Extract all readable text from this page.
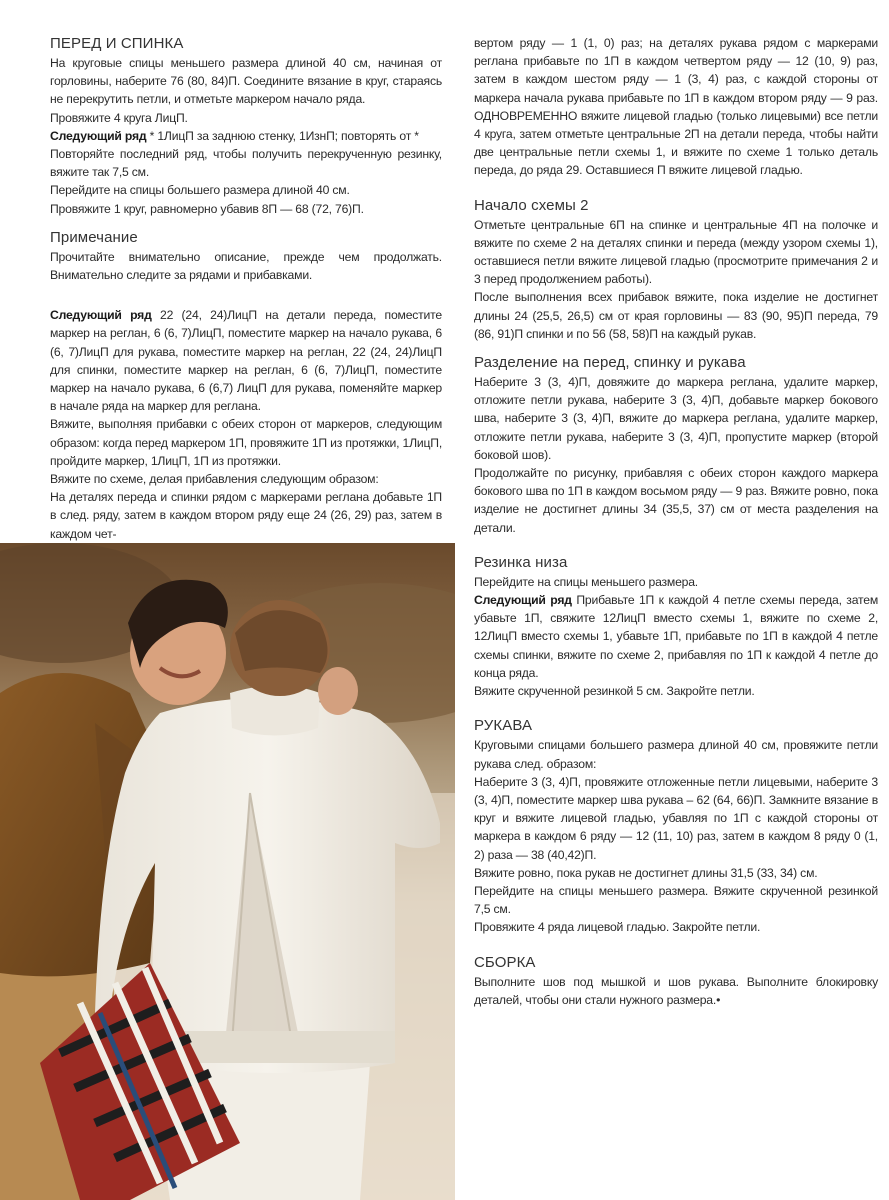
ПЕРЕД И СПИНКА

На круговые спицы меньшего размера длиной 40 см, начиная от горловины, наберите 76 (80, 84)П. Соедините вязание в круг, стараясь не перекрутить петли, и отметьте маркером начало ряда.

Провяжите 4 круга ЛицП.

Следующий ряд * 1ЛицП за заднюю стенку, 1ИзнП; повторять от *

Повторяйте последний ряд, чтобы получить перекрученную резинку, вяжите так 7,5 см.

Перейдите на спицы большего размера длиной 40 см.

Провяжите 1 круг, равномерно убавив 8П — 68 (72, 76)П.

Примечание

Прочитайте внимательно описание, прежде чем продолжать. Внимательно следите за рядами и прибавками.

Следующий ряд 22 (24, 24)ЛицП на детали переда, поместите маркер на реглан, 6 (6, 7)ЛицП, поместите маркер на начало рукава, 6 (6, 7)ЛицП для рукава, поместите маркер на реглан, 22 (24, 24)ЛицП для спинки, поместите маркер на реглан, 6 (6, 7)ЛицП, поместите маркер на начало рукава, 6 (6,7) ЛицП для рукава, поменяйте маркер в начале ряда на маркер для реглана.

Вяжите, выполняя прибавки с обеих сторон от маркеров, следующим образом: когда перед маркером 1П, провяжите 1П из протяжки, 1ЛицП, пройдите маркер, 1ЛицП, 1П из протяжки.

Вяжите по схеме, делая прибавления следующим образом:

На деталях переда и спинки рядом с маркерами реглана добавьте 1П в след. ряду, затем в каждом втором ряду еще 24 (26, 29) раз, затем в каждом чет-

вертом ряду — 1 (1, 0) раз; на деталях рукава рядом с маркерами реглана прибавьте по 1П в каждом четвертом ряду — 12 (10, 9) раз, затем в каждом шестом ряду — 1 (3, 4) раз, с каждой стороны от маркера начала рукава прибавьте по 1П в каждом втором ряду — 9 раз. ОДНОВРЕМЕННО вяжите лицевой гладью (только лицевыми) все петли 4 круга, затем отметьте центральные 2П на детали переда, чтобы найти две центральные петли схемы 1, и вяжите по схеме 1 только деталь переда, до ряда 29. Оставшиеся П вяжите лицевой гладью.

Начало схемы 2

Отметьте центральные 6П на спинке и центральные 4П на полочке и вяжите по схеме 2 на деталях спинки и переда (между узором схемы 1), оставшиеся петли вяжите лицевой гладью (просмотрите примечания 2 и 3 перед продолжением работы).

После выполнения всех прибавок вяжите, пока изделие не достигнет длины 24 (25,5, 26,5) см от края горловины — 83 (90, 95)П переда, 79 (86, 91)П спинки и по 56 (58, 58)П на каждый рукав.

Разделение на перед, спинку и рукава

Наберите 3 (3, 4)П, довяжите до маркера реглана, удалите маркер, отложите петли рукава, наберите 3 (3, 4)П, добавьте маркер бокового шва, наберите 3 (3, 4)П, вяжите до маркера реглана, удалите маркер, отложите петли рукава, наберите 3 (3, 4)П, пропустите маркер (второй боковой шов).

Продолжайте по рисунку, прибавляя с обеих сторон каждого маркера бокового шва по 1П в каждом восьмом ряду — 9 раз. Вяжите ровно, пока изделие не достигнет длины 34 (35,5, 37) см от места разделения на детали.

Резинка низа

Перейдите на спицы меньшего размера.

Следующий ряд Прибавьте 1П к каждой 4 петле схемы переда, затем убавьте 1П, свяжите 12ЛицП вместо схемы 1, вяжите по схеме 2, 12ЛицП вместо схемы 1, убавьте 1П, прибавьте по 1П в каждой 4 петле схемы спинки, вяжите по схеме 2, прибавляя по 1П к каждой 4 петле до конца ряда.

Вяжите скрученной резинкой 5 см. Закройте петли.

РУКАВА

Круговыми спицами большего размера длиной 40 см, провяжите петли рукава след. образом:

Наберите 3 (3, 4)П, провяжите отложенные петли лицевыми, наберите 3 (3, 4)П, поместите маркер шва рукава – 62 (64, 66)П. Замкните вязание в круг и вяжите лицевой гладью, убавляя по 1П с каждой стороны от маркера в каждом 6 ряду — 12 (11, 10) раз, затем в каждом 8 ряду 0 (1, 2) раза — 38 (40,42)П.

Вяжите ровно, пока рукав не достигнет длины 31,5 (33, 34) см.

Перейдите на спицы меньшего размера. Вяжите скрученной резинкой 7,5 см.

Провяжите 4 ряда лицевой гладью. Закройте петли.

СБОРКА

Выполните шов под мышкой и шов рукава. Выполните блокировку деталей, чтобы они стали нужного размера.•
